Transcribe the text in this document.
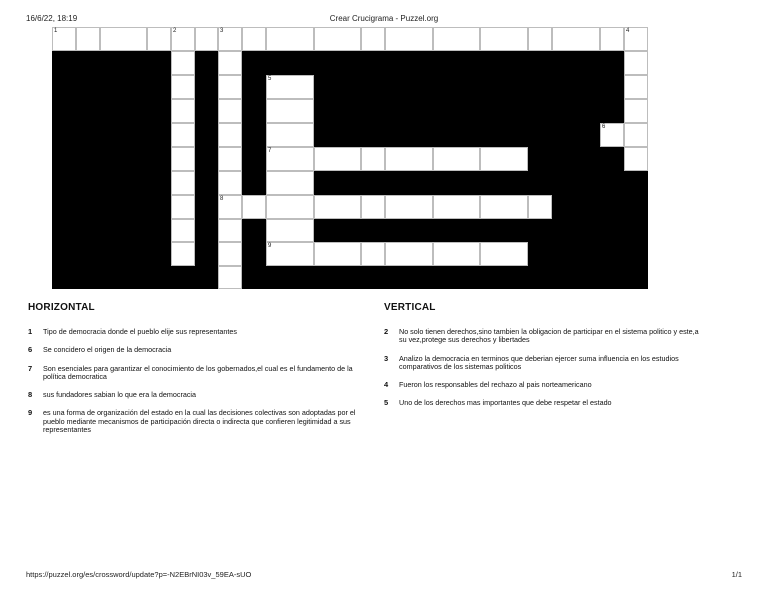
16/6/22, 18:19	Crear Crucigrama - Puzzel.org
1	2	3	4
5
6
7
8
9
HORIZONTAL	VERTICAL
1	Tipo de democracia donde el pueblo elije sus representantes
6	Se concidero el origen de la democracia
7	Son esenciales para garantizar el conocimiento de los gobernados,el cual es el fundamento de la política democratica
8	sus fundadores sabian lo que era la democracia
9	es una forma de organización del estado en la cual las decisiones colectivas son adoptadas por el pueblo mediante mecanismos de participación directa o indirecta que confieren legitimidad a sus representantes
2	No solo tienen derechos,sino tambien la obligacion de participar en el sistema politico y este,a su vez,protege sus derechos y libertades
3	Analizo la democracia en terminos que deberian ejercer suma influencia en los estudios comparativos de los sistemas politicos
4	Fueron los responsables del rechazo al pais norteamericano
5	Uno de los derechos mas importantes que debe respetar el estado
https://puzzel.org/es/crossword/update?p=-N2EBrNI03v_59EA-sUO	1/1
